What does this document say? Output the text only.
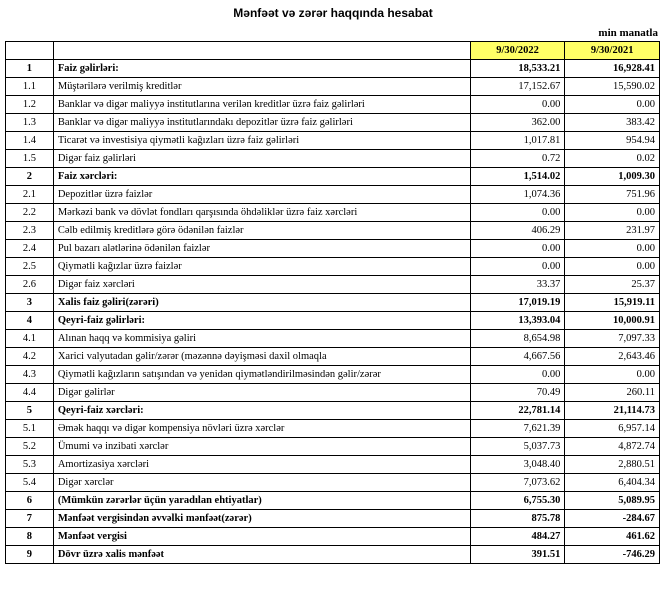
Mənfəət və zərər haqqında hesabat
min manatla
		9/30/2022	9/30/2021
1	Faiz gəlirləri:	18,533.21	16,928.41
1.1	Müştərilərə verilmiş kreditlər	17,152.67	15,590.02
1.2	Banklar və digər maliyyə institutlarına verilən kreditlər üzrə faiz gəlirləri	0.00	0.00
1.3	Banklar və digər maliyyə institutlarındakı depozitlər üzrə faiz gəlirləri	362.00	383.42
1.4	Ticarət və investisiya qiymətli kağızları üzrə faiz gəlirləri	1,017.81	954.94
1.5	Digər faiz gəlirləri	0.72	0.02
2	Faiz xərcləri:	1,514.02	1,009.30
2.1	Depozitlər üzrə faizlər	1,074.36	751.96
2.2	Mərkəzi bank və dövlət fondları qarşısında öhdəliklər üzrə faiz xərcləri	0.00	0.00
2.3	Cəlb edilmiş kreditlərə görə ödənilən faizlər	406.29	231.97
2.4	Pul bazarı alətlərinə ödənilən faizlər	0.00	0.00
2.5	Qiymətli kağızlar üzrə faizlər	0.00	0.00
2.6	Digər faiz xərcləri	33.37	25.37
3	Xalis faiz gəliri(zərəri)	17,019.19	15,919.11
4	Qeyri-faiz gəlirləri:	13,393.04	10,000.91
4.1	Alınan haqq və kommisiya gəliri	8,654.98	7,097.33
4.2	Xarici valyutadan gəlir/zərər (məzənnə dəyişməsi daxil olmaqla	4,667.56	2,643.46
4.3	Qiymətli kağızların satışından və yenidən qiymətləndirilməsindən gəlir/zərər	0.00	0.00
4.4	Digər gəlirlər	70.49	260.11
5	Qeyri-faiz xərcləri:	22,781.14	21,114.73
5.1	Əmək haqqı və digər kompensiya növləri üzrə xərclər	7,621.39	6,957.14
5.2	Ümumi və inzibati xərclər	5,037.73	4,872.74
5.3	Amortizasiya xərcləri	3,048.40	2,880.51
5.4	Digər xərclər	7,073.62	6,404.34
6	(Mümkün zərərlər üçün yaradılan ehtiyatlar)	6,755.30	5,089.95
7	Mənfəət vergisindən əvvəlki mənfəət(zərər)	875.78	-284.67
8	Mənfəət vergisi	484.27	461.62
9	Dövr üzrə xalis mənfəət	391.51	-746.29
